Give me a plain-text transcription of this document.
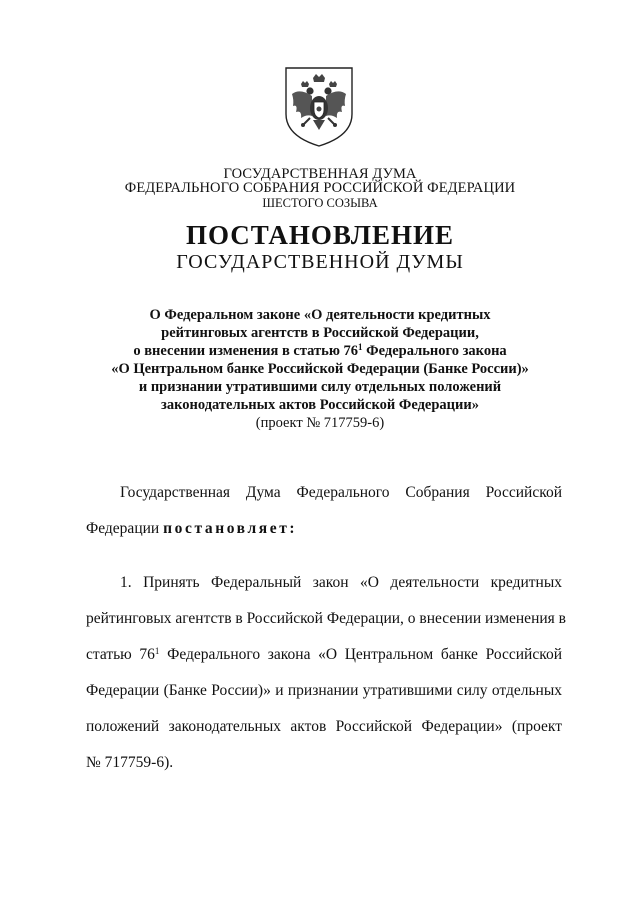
ГОСУДАРСТВЕННАЯ ДУМА
ФЕДЕРАЛЬНОГО СОБРАНИЯ РОССИЙСКОЙ ФЕДЕРАЦИИ
ШЕСТОГО СОЗЫВА
ПОСТАНОВЛЕНИЕ
ГОСУДАРСТВЕННОЙ ДУМЫ
О Федеральном законе «О деятельности кредитных
рейтинговых агентств в Российской Федерации,
о внесении изменения в статью $76^1$ Федерального закона
«О Центральном банке Российской Федерации (Банке России)»
и признании утратившими силу отдельных положений
законодательных актов Российской Федерации»
(проект № 717759-6)
Государственная Дума Федерального Собрания Российской
Федерации постановляет:
1. Принять Федеральный закон «О деятельности кредитных
рейтинговых агентств в Российской Федерации, о внесении изменения в
статью $76^1$ Федерального закона «О Центральном банке Российской
Федерации (Банке России)» и признании утратившими силу отдельных
положений законодательных актов Российской Федерации» (проект
№ 717759-6).
